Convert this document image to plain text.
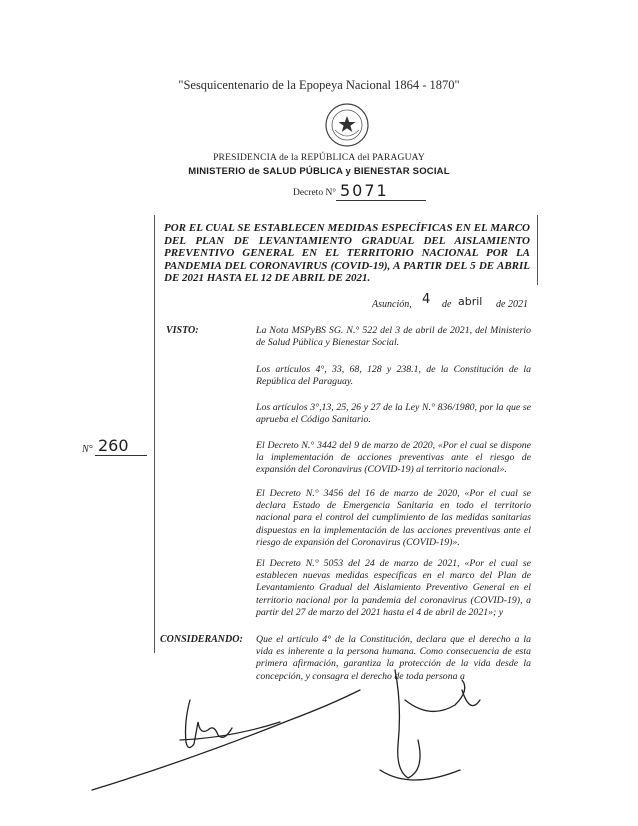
"Sesquicentenario de la Epopeya Nacional 1864 - 1870"
PRESIDENCIA de la REPÚBLICA del PARAGUAY
MINISTERIO de SALUD PÚBLICA y BIENESTAR SOCIAL
Decreto N° 5071
POR EL CUAL SE ESTABLECEN MEDIDAS ESPECÍFICAS EN EL MARCO DEL PLAN DE LEVANTAMIENTO GRADUAL DEL AISLAMIENTO PREVENTIVO GENERAL EN EL TERRITORIO NACIONAL POR LA PANDEMIA DEL CORONAVIRUS (COVID-19), A PARTIR DEL 5 DE ABRIL DE 2021 HASTA EL 12 DE ABRIL DE 2021.
Asunción, 4 de abril de 2021
VISTO:	La Nota MSPyBS SG. N.° 522 del 3 de abril de 2021, del Ministerio de Salud Pública y Bienestar Social.
Los artículos 4°, 33, 68, 128 y 238.1, de la Constitución de la República del Paraguay.
Los artículos 3°,13, 25, 26 y 27 de la Ley N.° 836/1980, por la que se aprueba el Código Sanitario.
El Decreto N.° 3442 del 9 de marzo de 2020, «Por el cual se dispone la implementación de acciones preventivas ante el riesgo de expansión del Coronavirus (COVID-19) al territorio nacional».
El Decreto N.° 3456 del 16 de marzo de 2020, «Por el cual se declara Estado de Emergencia Sanitaria en todo el territorio nacional para el control del cumplimiento de las medidas sanitarias dispuestas en la implementación de las acciones preventivas ante el riesgo de expansión del Coronavirus (COVID-19)».
El Decreto N.° 5053 del 24 de marzo de 2021, «Por el cual se establecen nuevas medidas específicas en el marco del Plan de Levantamiento Gradual del Aislamiento Preventivo General en el territorio nacional por la pandemia del coronavirus (COVID-19), a partir del 27 de marzo del 2021 hasta el 4 de abril de 2021»; y
CONSIDERANDO: Que el artículo 4° de la Constitución, declara que el derecho a la vida es inherente a la persona humana. Como consecuencia de esta primera afirmación, garantiza la protección de la vida desde la concepción, y consagra el derecho de toda persona a
N° 260
